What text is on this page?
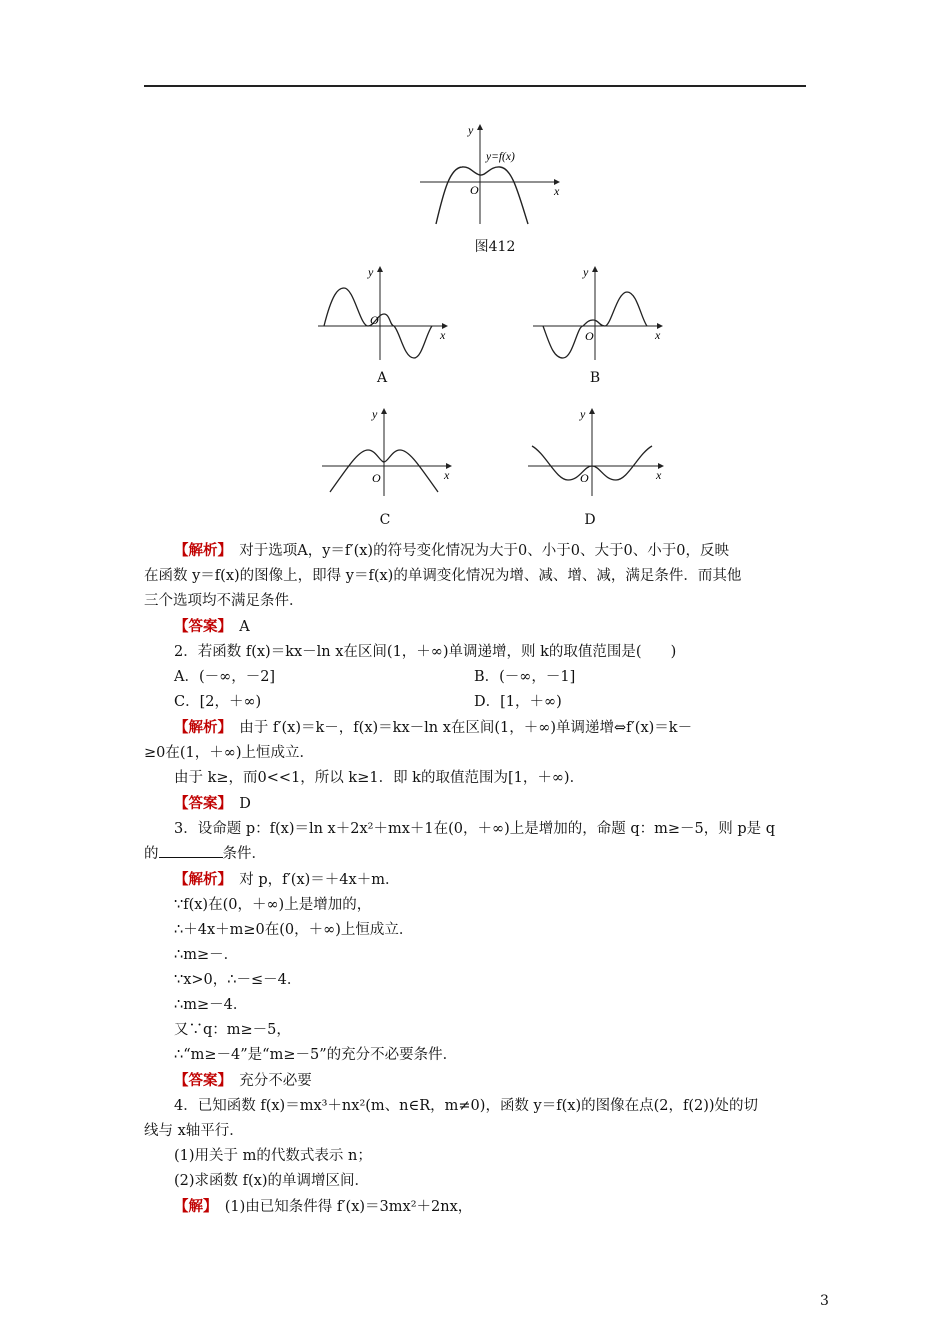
y
x
O
y=f(x)
图412
y
x
O
A
y
x
O
B
y
x
O
C
y
x
O
D

【解析】　 对于选项A，y＝f′(x)的符号变化情况为大于0、小于0、大于0、小于0，反映

在函数 y＝f(x)的图像上，即得 y＝f(x)的单调变化情况为增、减、增、减，满足条件．而其他

三个选项均不满足条件．

【答案】　 A

2．若函数 f(x)＝kx－ln x在区间(1，＋∞)单调递增，则 k的取值范围是(　　)

A．(－∞，－2]	B．(－∞，－1]

C．[2，＋∞)	D．[1，＋∞)

【解析】　 由于 f′(x)＝k－，f(x)＝kx－ln x在区间(1，＋∞)单调递增⇔f′(x)＝k－

≥0在(1，＋∞)上恒成立．

由于 k≥，而0<<1，所以 k≥1．即 k的取值范围为[1，＋∞)．

【答案】　 D

3．设命题 p：f(x)＝ln x＋2x²＋mx＋1在(0，＋∞)上是增加的，命题 q：m≥－5，则 p是 q

的	条件．

【解析】　 对 p，f′(x)＝＋4x＋m．

∵f(x)在(0，＋∞)上是增加的，

∴＋4x＋m≥0在(0，＋∞)上恒成立．

∴m≥－．

∵x>0，∴－≤－4．

∴m≥－4．

又∵q：m≥－5，

∴“m≥－4”是“m≥－5”的充分不必要条件．

【答案】　 充分不必要

4．已知函数 f(x)＝mx³＋nx²(m、n∈R，m≠0)，函数 y＝f(x)的图像在点(2，f(2))处的切

线与 x轴平行．

(1)用关于 m的代数式表示 n；

(2)求函数 f(x)的单调增区间．

【解】　 (1)由已知条件得 f′(x)＝3mx²＋2nx，

3
